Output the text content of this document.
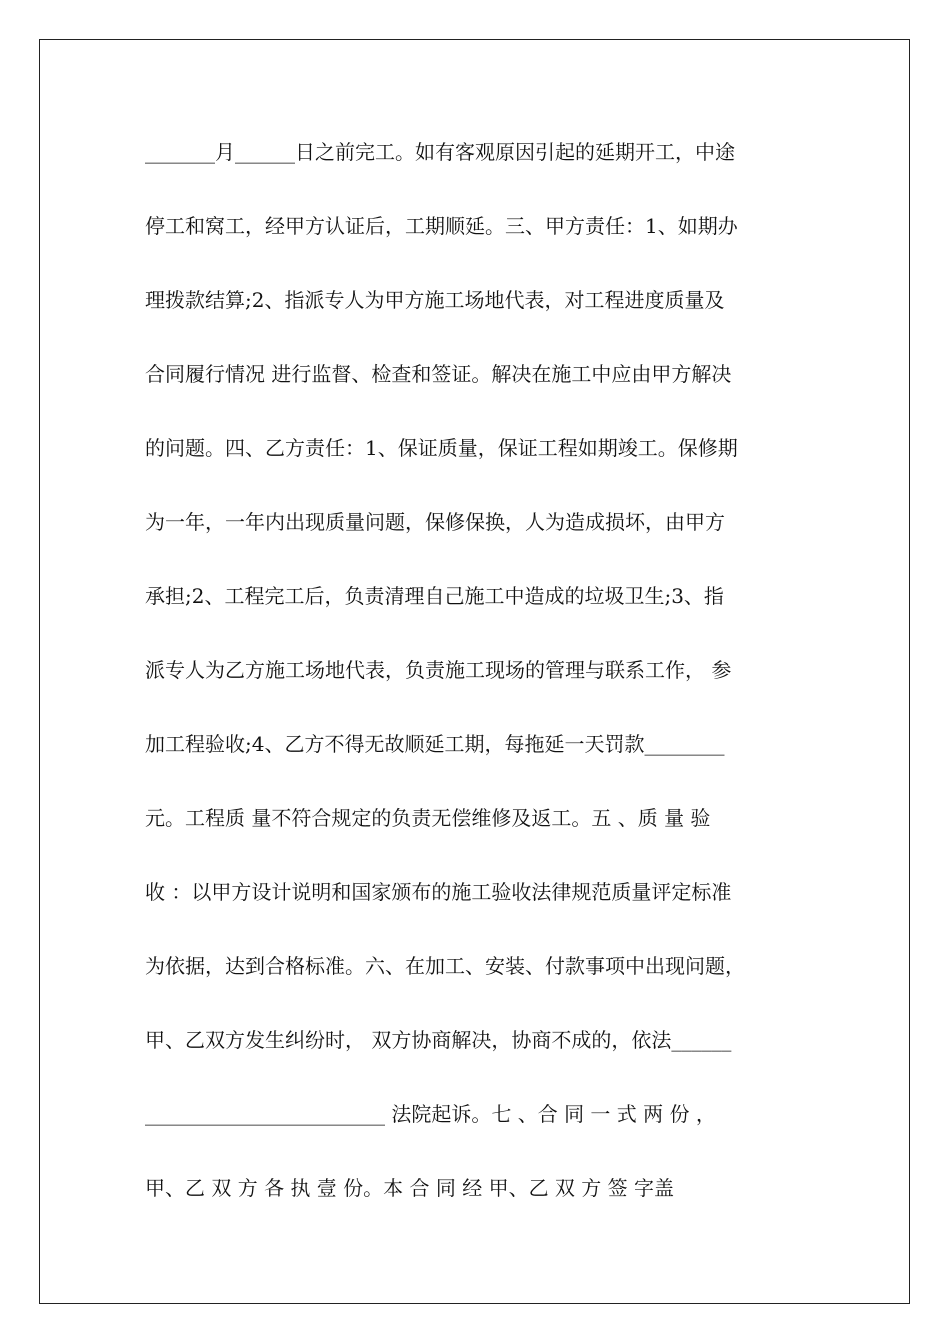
_______月______日之前完工。如有客观原因引起的延期开工，中途
停工和窝工，经甲方认证后，工期顺延。三、甲方责任：1、如期办
理拨款结算;2、指派专人为甲方施工场地代表，对工程进度质量及
合同履行情况 进行监督、检查和签证。解决在施工中应由甲方解决
的问题。四、乙方责任：1、保证质量，保证工程如期竣工。保修期
为一年，一年内出现质量问题，保修保换，人为造成损坏，由甲方
承担;2、工程完工后，负责清理自己施工中造成的垃圾卫生;3、指
派专人为乙方施工场地代表，负责施工现场的管理与联系工作， 参
加工程验收;4、乙方不得无故顺延工期，每拖延一天罚款________
元。工程质 量不符合规定的负责无偿维修及返工。五 、质 量 验
收 ：以甲方设计说明和国家颁布的施工验收法律规范质量评定标准
为依据，达到合格标准。六、在加工、安装、付款事项中出现问题，
甲、乙双方发生纠纷时， 双方协商解决，协商不成的，依法______
________________________ 法院起诉。七 、合 同 一 式 两 份 ，
甲、乙 双 方 各 执 壹 份。本 合 同 经 甲、乙 双 方 签 字盖
